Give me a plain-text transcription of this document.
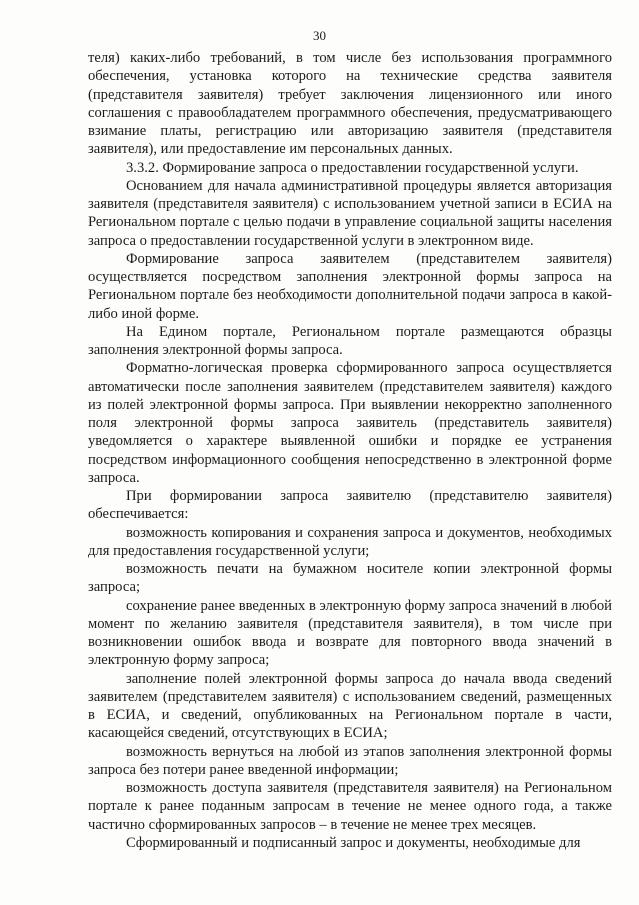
30

теля) каких-либо требований, в том числе без использования программного обеспечения, установка которого на технические средства заявителя (представителя заявителя) требует заключения лицензионного или иного соглашения с правообладателем программного обеспечения, предусматривающего взимание платы, регистрацию или авторизацию заявителя (представителя заявителя), или предоставление им персональных данных.

3.3.2. Формирование запроса о предоставлении государственной услуги.

Основанием для начала административной процедуры является авторизация заявителя (представителя заявителя) с использованием учетной записи в ЕСИА на Региональном портале с целью подачи в управление социальной защиты населения запроса о предоставлении государственной услуги в электронном виде.

Формирование запроса заявителем (представителем заявителя) осуществляется посредством заполнения электронной формы запроса на Региональном портале без необходимости дополнительной подачи запроса в какой-либо иной форме.

На Едином портале, Региональном портале размещаются образцы заполнения электронной формы запроса.

Форматно-логическая проверка сформированного запроса осуществляется автоматически после заполнения заявителем (представителем заявителя) каждого из полей электронной формы запроса. При выявлении некорректно заполненного поля электронной формы запроса заявитель (представитель заявителя) уведомляется о характере выявленной ошибки и порядке ее устранения посредством информационного сообщения непосредственно в электронной форме запроса.

При формировании запроса заявителю (представителю заявителя) обеспечивается:

возможность копирования и сохранения запроса и документов, необходимых для предоставления государственной услуги;

возможность печати на бумажном носителе копии электронной формы запроса;

сохранение ранее введенных в электронную форму запроса значений в любой момент по желанию заявителя (представителя заявителя), в том числе при возникновении ошибок ввода и возврате для повторного ввода значений в электронную форму запроса;

заполнение полей электронной формы запроса до начала ввода сведений заявителем (представителем заявителя) с использованием сведений, размещенных в ЕСИА, и сведений, опубликованных на Региональном портале в части, касающейся сведений, отсутствующих в ЕСИА;

возможность вернуться на любой из этапов заполнения электронной формы запроса без потери ранее введенной информации;

возможность доступа заявителя (представителя заявителя) на Региональном портале к ранее поданным запросам в течение не менее одного года, а также частично сформированных запросов – в течение не менее трех месяцев.

Сформированный и подписанный запрос и документы, необходимые для
